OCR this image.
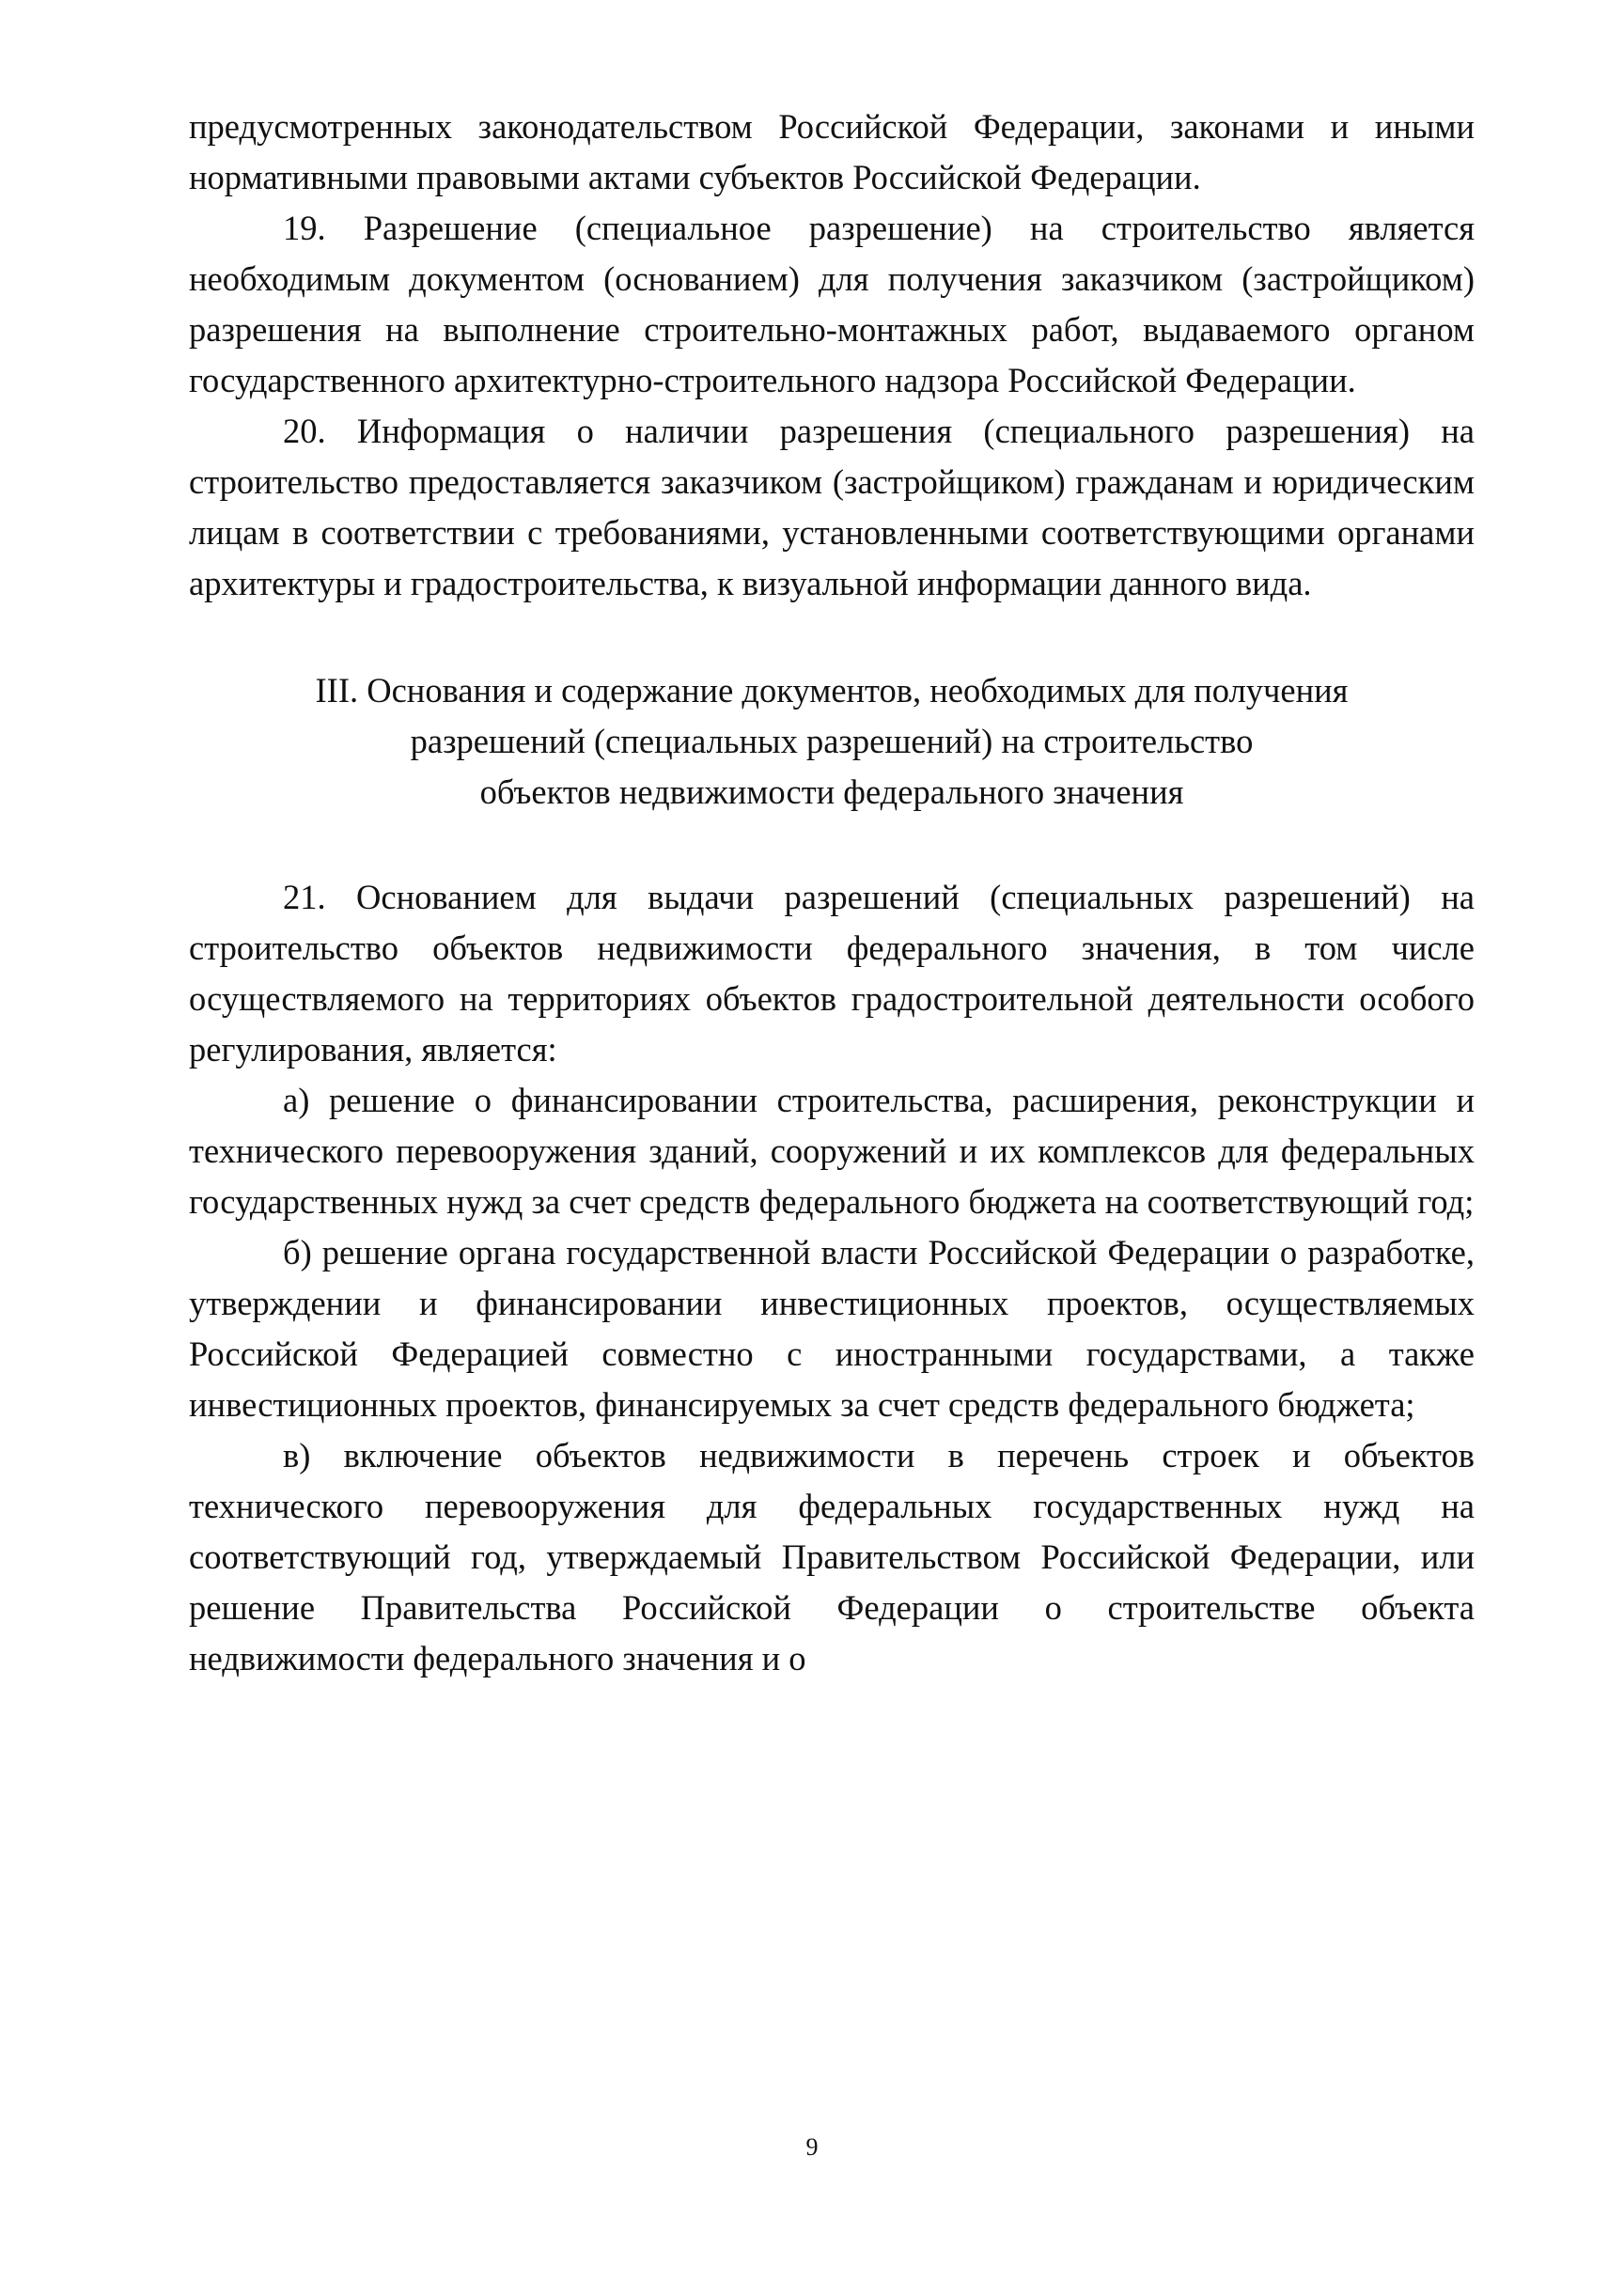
предусмотренных законодательством Российской Федерации, законами и иными нормативными правовыми актами субъектов Российской Федерации.

19. Разрешение (специальное разрешение) на строительство является необходимым документом (основанием) для получения заказчиком (застройщиком) разрешения на выполнение строительно-монтажных работ, выдаваемого органом государственного архитектурно-строительного надзора Российской Федерации.

20. Информация о наличии разрешения (специального разрешения) на строительство предоставляется заказчиком (застройщиком) гражданам и юридическим лицам в соответствии с требованиями, установленными соответствующими органами архитектуры и градостроительства, к визуальной информации данного вида.

III. Основания и содержание документов, необходимых для получения
разрешений (специальных разрешений) на строительство
объектов недвижимости федерального значения

21. Основанием для выдачи разрешений (специальных разрешений) на строительство объектов недвижимости федерального значения, в том числе осуществляемого на территориях объектов градостроительной деятельности особого регулирования, является:

а) решение о финансировании строительства, расширения, реконструкции и технического перевооружения зданий, сооружений и их комплексов для федеральных государственных нужд за счет средств федерального бюджета на соответствующий год;

б) решение органа государственной власти Российской Федерации о разработке, утверждении и финансировании инвестиционных проектов, осуществляемых Российской Федерацией совместно с иностранными государствами, а также инвестиционных проектов, финансируемых за счет средств федерального бюджета;

в) включение объектов недвижимости в перечень строек и объектов технического перевооружения для федеральных государственных нужд на соответствующий год, утверждаемый Правительством Российской Федерации, или решение Правительства Российской Федерации о строительстве объекта недвижимости федерального значения и о

9
